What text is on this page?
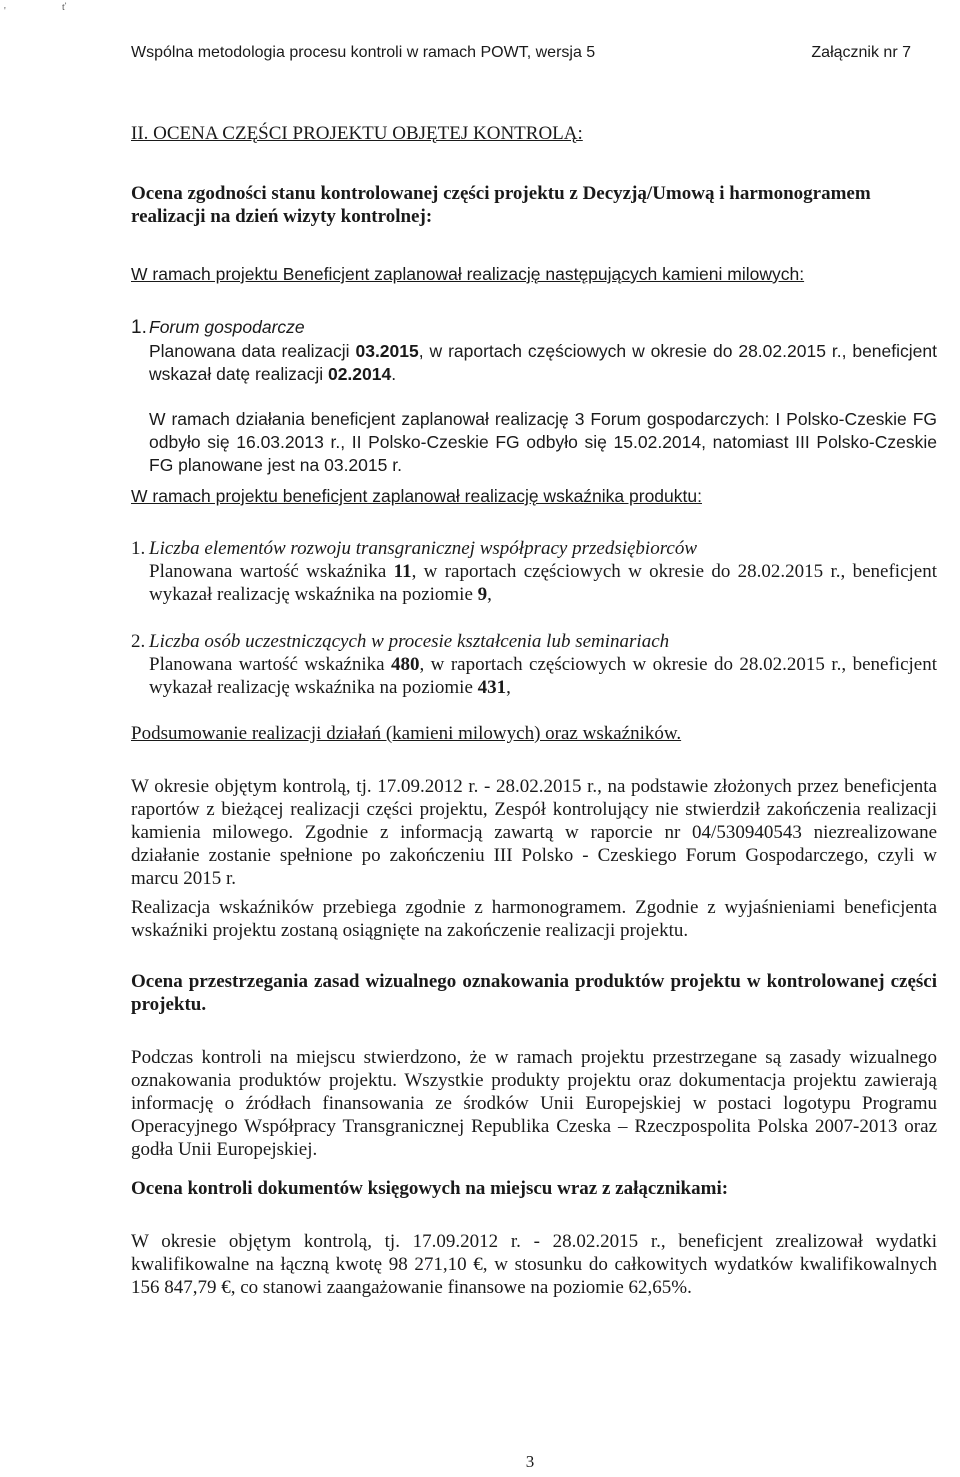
'	ť
Wspólna metodologia procesu kontroli w ramach POWT, wersja 5	Załącznik nr 7

II. OCENA CZĘŚCI PROJEKTU OBJĘTEJ KONTROLĄ:

Ocena zgodności stanu kontrolowanej części projektu z Decyzją/Umową i harmonogramem realizacji na dzień wizyty kontrolnej:

W ramach projektu Beneficjent zaplanował realizację następujących kamieni milowych:

1. Forum gospodarcze

Planowana data realizacji 03.2015, w raportach częściowych w okresie do 28.02.2015 r., beneficjent wskazał datę realizacji 02.2014.

W ramach działania beneficjent zaplanował realizację 3 Forum gospodarczych: I Polsko-Czeskie FG odbyło się 16.03.2013 r., II Polsko-Czeskie FG odbyło się 15.02.2014, natomiast III Polsko-Czeskie FG planowane jest na 03.2015 r.

W ramach projektu beneficjent zaplanował realizację wskaźnika produktu:

1. Liczba elementów rozwoju transgranicznej współpracy przedsiębiorców

Planowana wartość wskaźnika 11, w raportach częściowych w okresie do 28.02.2015 r., beneficjent wykazał realizację wskaźnika na poziomie 9,

2. Liczba osób uczestniczących w procesie kształcenia lub seminariach

Planowana wartość wskaźnika 480, w raportach częściowych w okresie do 28.02.2015 r., beneficjent wykazał realizację wskaźnika na poziomie 431,

Podsumowanie realizacji działań (kamieni milowych) oraz wskaźników.

W okresie objętym kontrolą, tj. 17.09.2012 r. - 28.02.2015 r., na podstawie złożonych przez beneficjenta raportów z bieżącej realizacji części projektu, Zespół kontrolujący nie stwierdził zakończenia realizacji kamienia milowego. Zgodnie z informacją zawartą w raporcie nr 04/530940543 niezrealizowane działanie zostanie spełnione po zakończeniu III Polsko - Czeskiego Forum Gospodarczego, czyli w marcu 2015 r.

Realizacja wskaźników przebiega zgodnie z harmonogramem. Zgodnie z wyjaśnieniami beneficjenta wskaźniki projektu zostaną osiągnięte na zakończenie realizacji projektu.

Ocena przestrzegania zasad wizualnego oznakowania produktów projektu w kontrolowanej części projektu.

Podczas kontroli na miejscu stwierdzono, że w ramach projektu przestrzegane są zasady wizualnego oznakowania produktów projektu. Wszystkie produkty projektu oraz dokumentacja projektu zawierają informację o źródłach finansowania ze środków Unii Europejskiej w postaci logotypu Programu Operacyjnego Współpracy Transgranicznej Republika Czeska – Rzeczpospolita Polska 2007-2013 oraz godła Unii Europejskiej.

Ocena kontroli dokumentów księgowych na miejscu wraz z załącznikami:

W okresie objętym kontrolą, tj. 17.09.2012 r. - 28.02.2015 r., beneficjent zrealizował wydatki kwalifikowalne na łączną kwotę 98 271,10 €, w stosunku do całkowitych wydatków kwalifikowalnych 156 847,79 €, co stanowi zaangażowanie finansowe na poziomie 62,65%.

3
